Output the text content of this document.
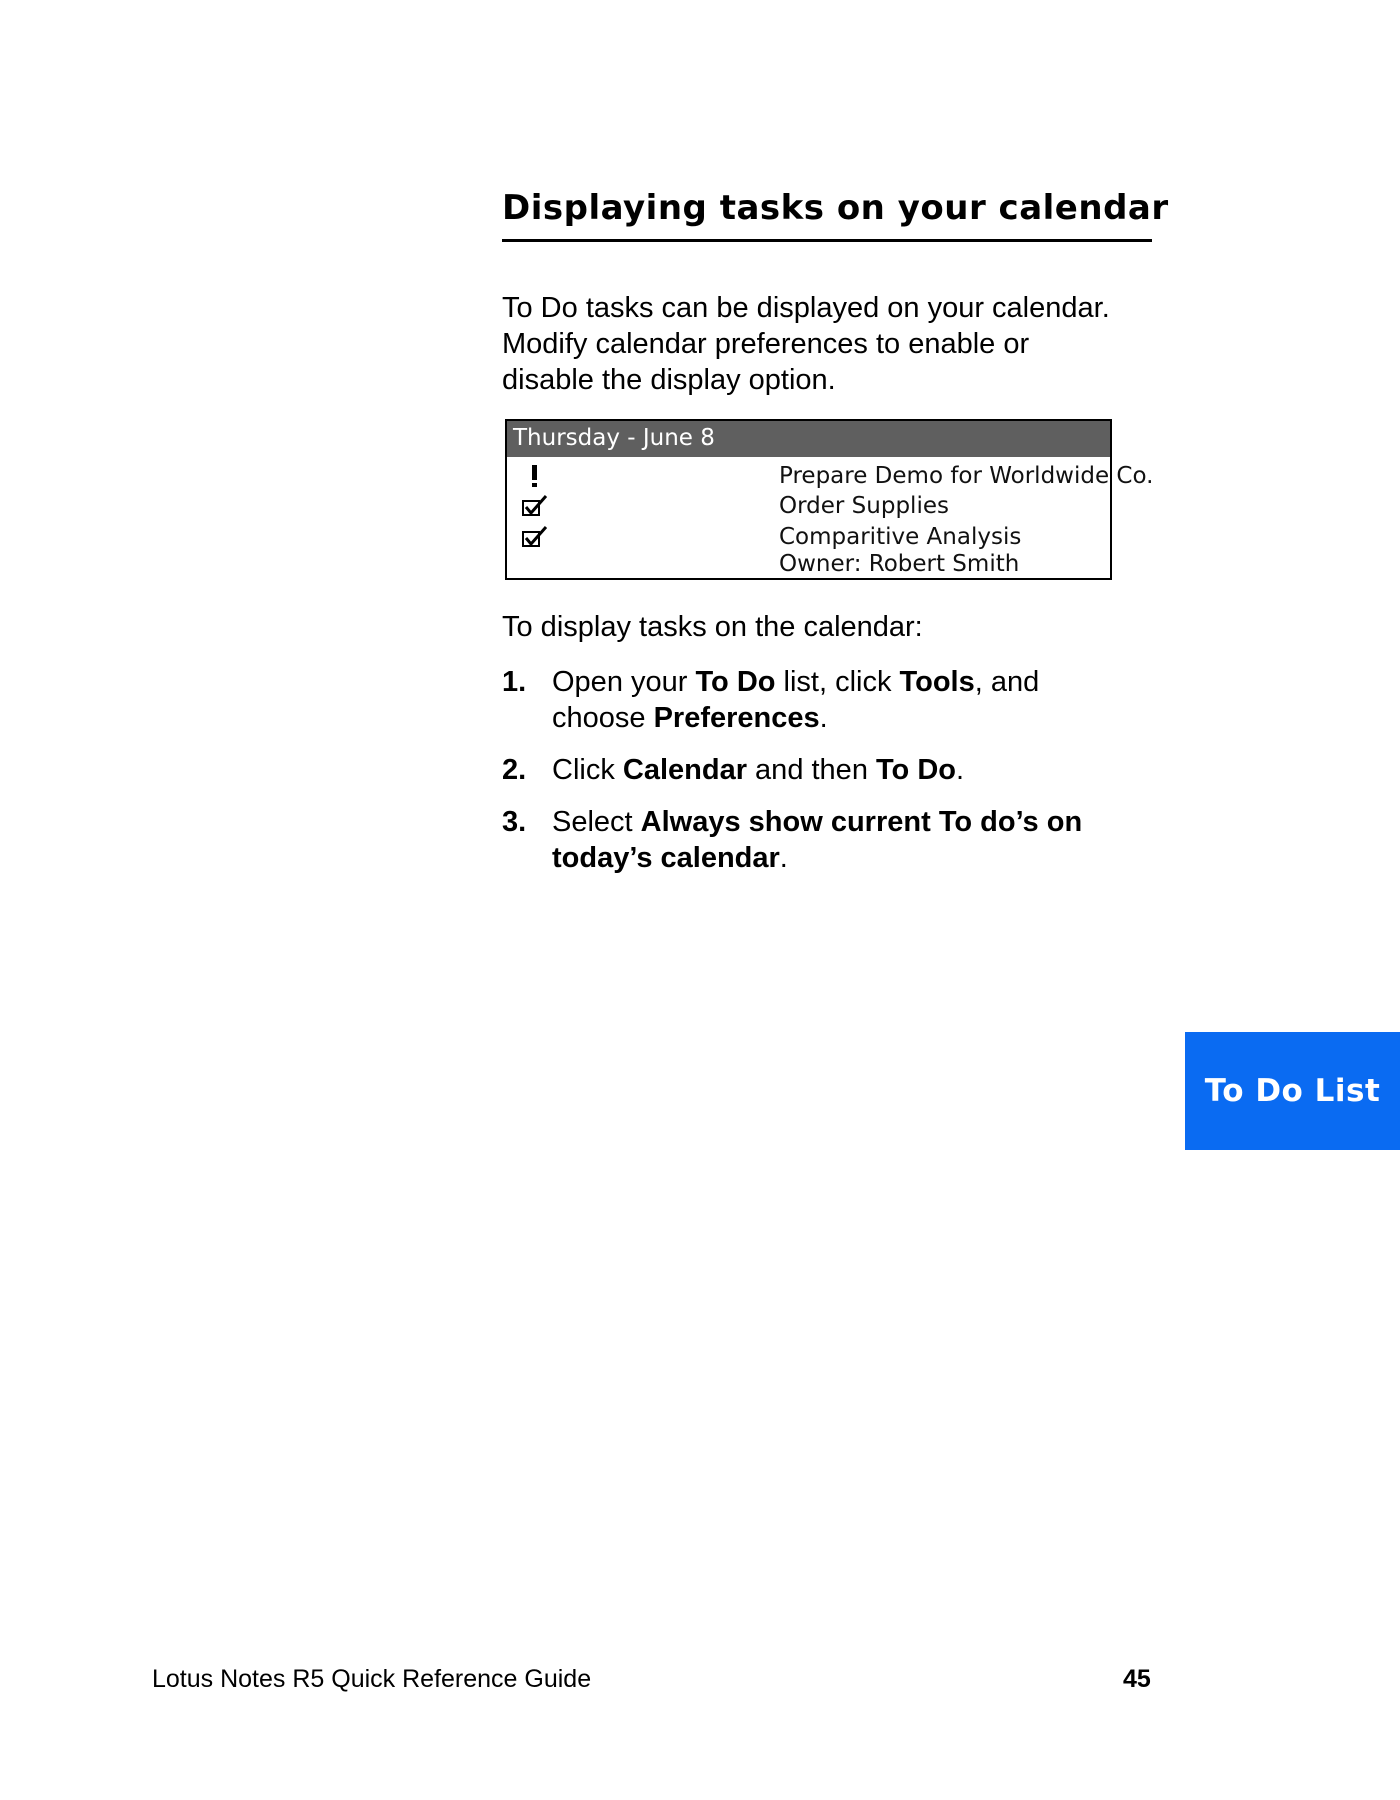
Displaying tasks on your calendar

To Do tasks can be displayed on your calendar.
Modify calendar preferences to enable or
disable the display option.

Thursday - June 8
Prepare Demo for Worldwide Co.
Order Supplies
Comparitive Analysis
Owner: Robert Smith

To display tasks on the calendar:

1. Open your To Do list, click Tools, and
choose Preferences.
2. Click Calendar and then To Do.
3. Select Always show current To do’s on
today’s calendar.
To Do List
Lotus Notes R5 Quick Reference Guide	45
